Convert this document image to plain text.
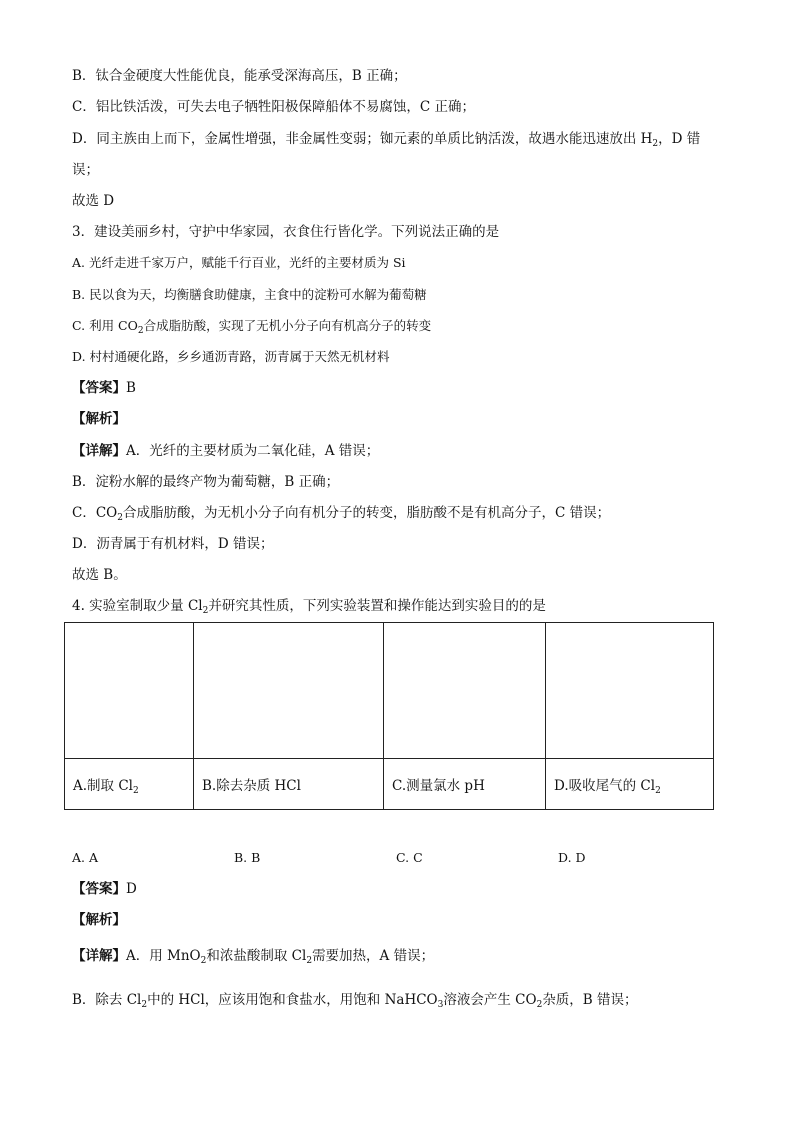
B．钛合金硬度大性能优良，能承受深海高压，B 正确；
C．铝比铁活泼，可失去电子牺牲阳极保障船体不易腐蚀，C 正确；
D．同主族由上而下，金属性增强，非金属性变弱；铷元素的单质比钠活泼，故遇水能迅速放出 $H_2$，D 错
误；
故选 D
3．建设美丽乡村，守护中华家园，衣食住行皆化学。下列说法正确的是
A. 光纤走进千家万户，赋能千行百业，光纤的主要材质为 Si
B. 民以食为天，均衡膳食助健康，主食中的淀粉可水解为葡萄糖
C. 利用 $CO_2$合成脂肪酸，实现了无机小分子向有机高分子的转变
D. 村村通硬化路，乡乡通沥青路，沥青属于天然无机材料
【答案】B
【解析】
【详解】A．光纤的主要材质为二氧化硅，A 错误；
B．淀粉水解的最终产物为葡萄糖，B 正确；
C．$CO_2$合成脂肪酸，为无机小分子向有机分子的转变，脂肪酸不是有机高分子，C 错误；
D．沥青属于有机材料，D 错误；
故选 B。
4. 实验室制取少量 $Cl_2$并研究其性质，下列实验装置和操作能达到实验目的的是

A.制取 $Cl_2$	B.除去杂质 HCl	C.测量氯水 pH	D.吸收尾气的 $Cl_2$
A. A	B. B	C. C	D. D
【答案】D
【解析】
【详解】A．用 MnO$_2$和浓盐酸制取 $Cl_2$需要加热，A 错误；
B．除去 $Cl_2$中的 HCl，应该用饱和食盐水，用饱和 NaHCO$_3$溶液会产生 $CO_2$杂质，B 错误；
